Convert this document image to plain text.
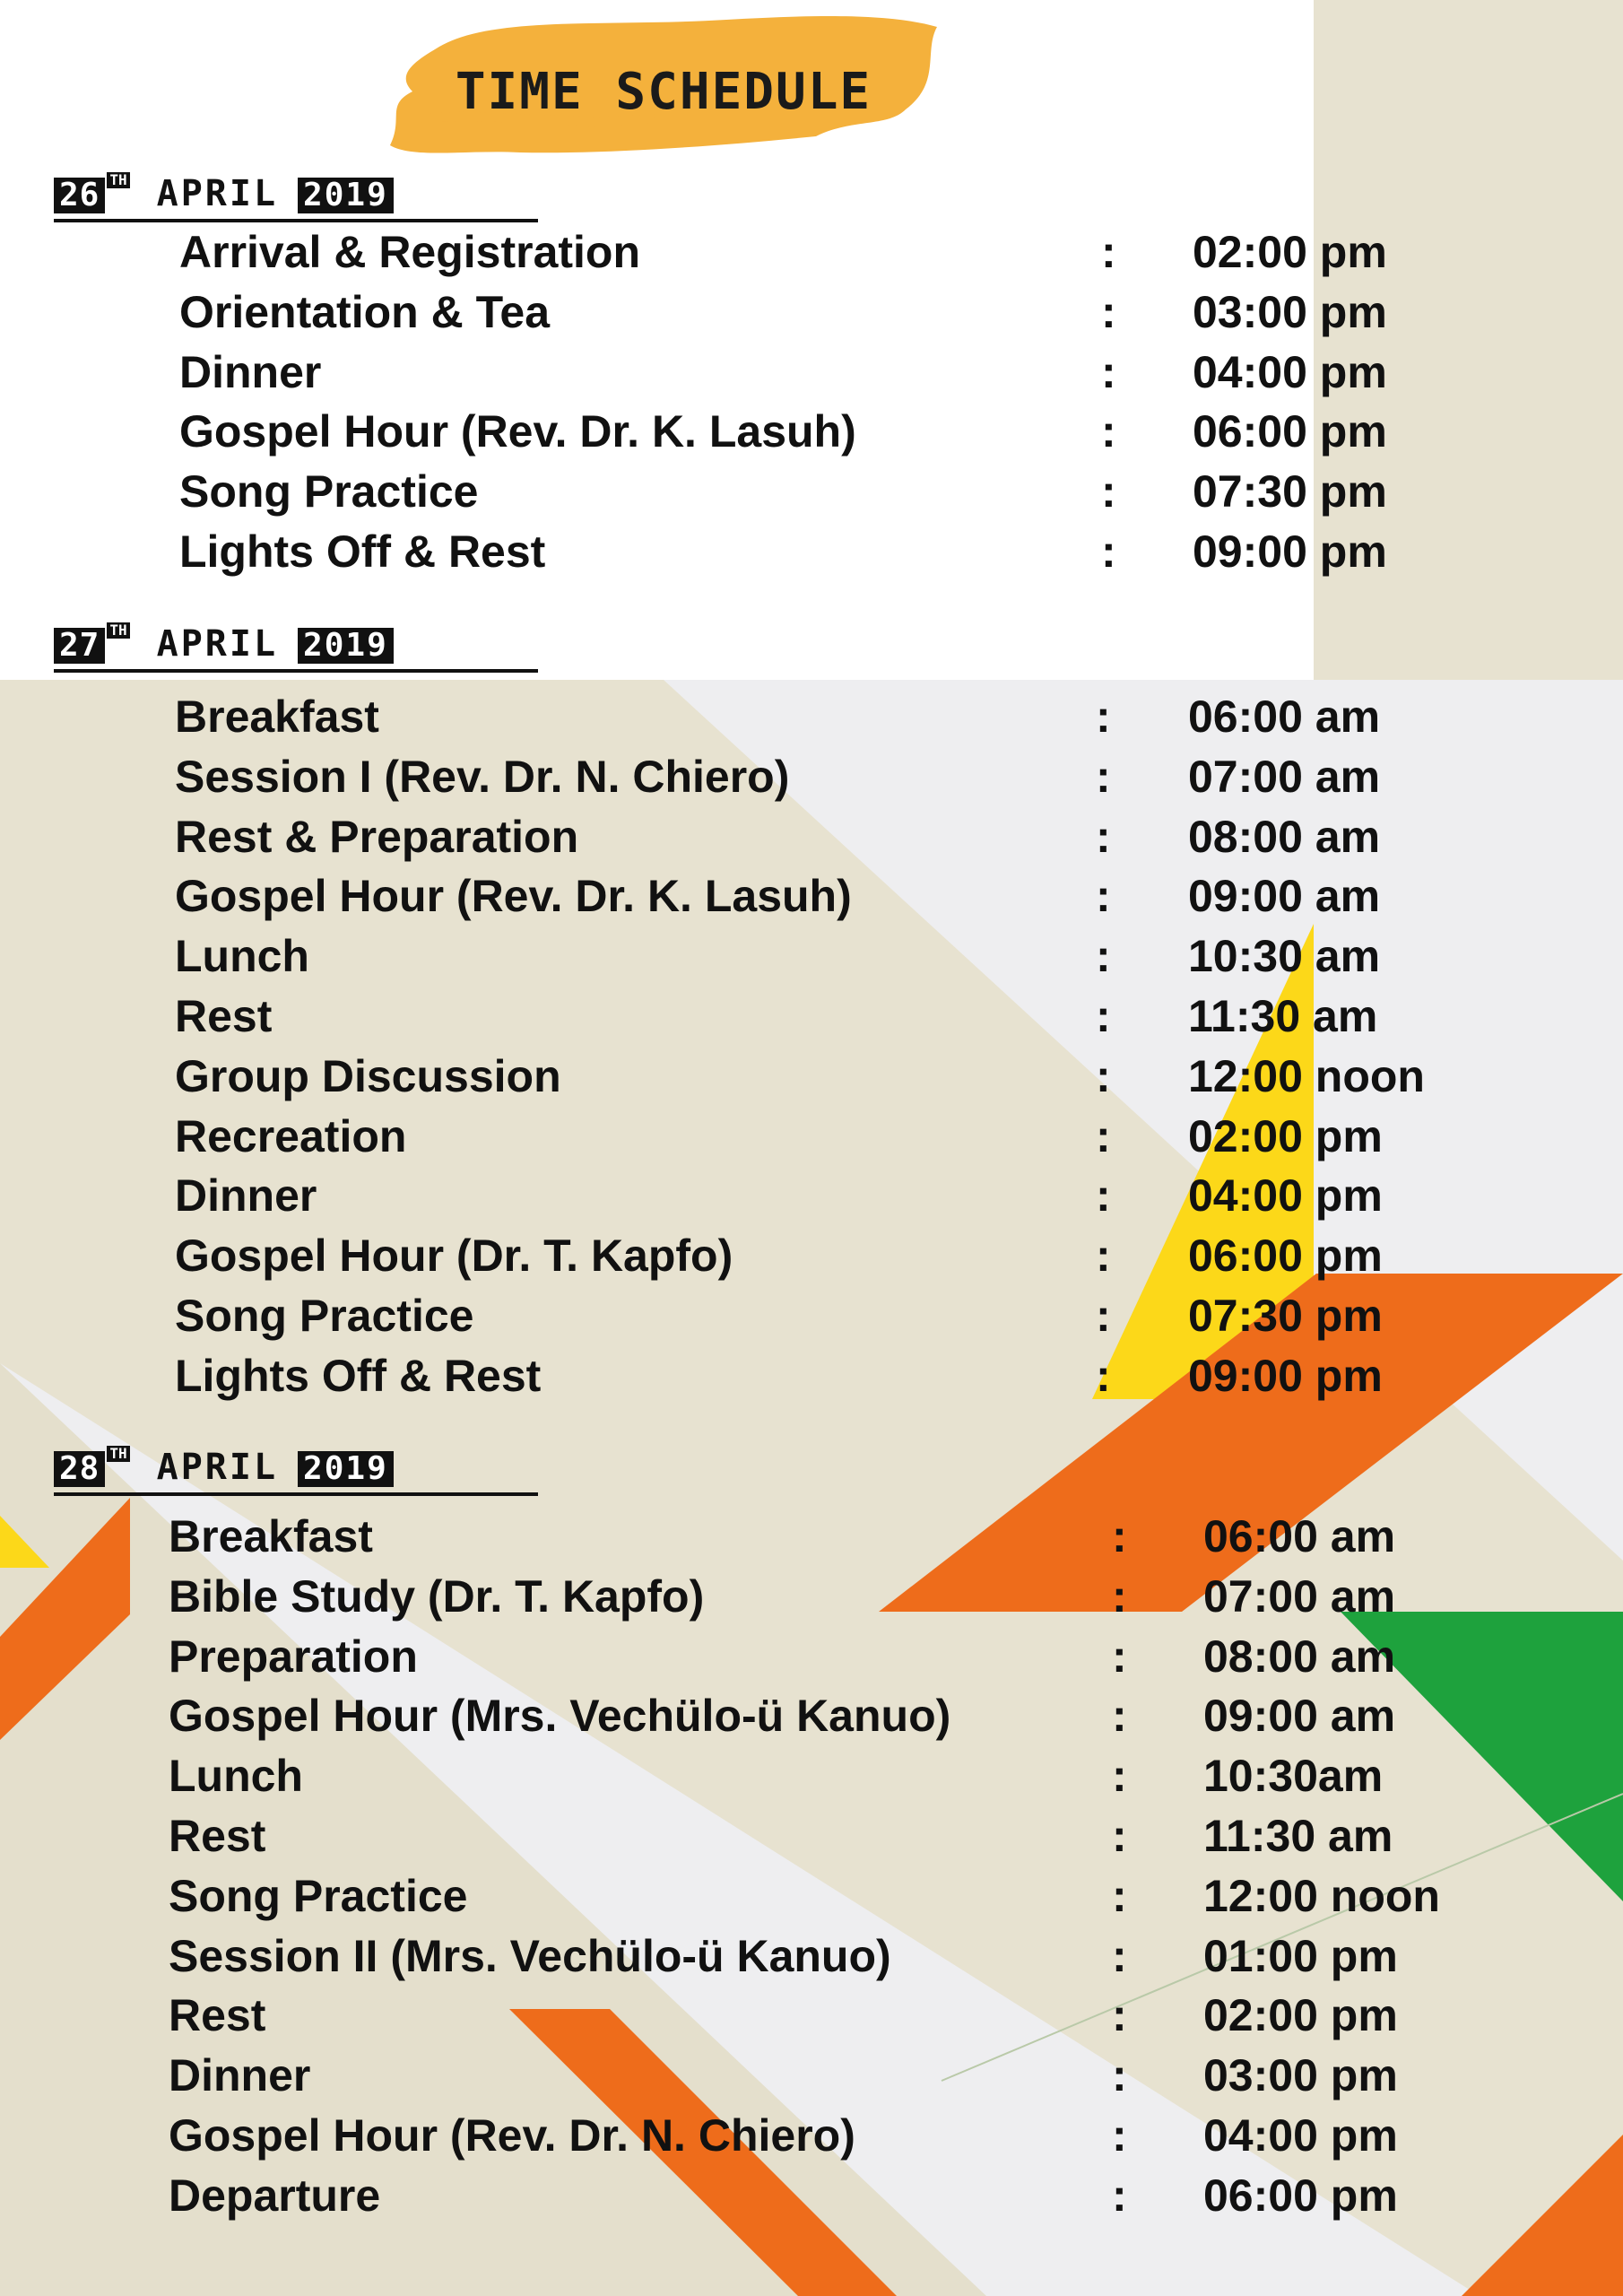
TIME SCHEDULE
26 TH APRIL 2019
Arrival & Registration	: 02:00 pm
Orientation & Tea	: 03:00 pm
Dinner	: 04:00 pm
Gospel Hour (Rev. Dr. K. Lasuh)	: 06:00 pm
Song Practice	: 07:30 pm
Lights Off & Rest	: 09:00 pm
27 TH APRIL 2019
Breakfast	: 06:00 am
Session I (Rev. Dr. N. Chiero)	: 07:00 am
Rest & Preparation	: 08:00 am
Gospel Hour (Rev. Dr. K. Lasuh)	: 09:00 am
Lunch	: 10:30 am
Rest	: 11:30 am
Group Discussion	: 12:00 noon
Recreation	: 02:00 pm
Dinner	: 04:00 pm
Gospel Hour (Dr. T. Kapfo)	: 06:00 pm
Song Practice	: 07:30 pm
Lights Off & Rest	: 09:00 pm
28 TH APRIL 2019
Breakfast	: 06:00 am
Bible Study (Dr. T. Kapfo)	: 07:00 am
Preparation	: 08:00 am
Gospel Hour (Mrs. Vechülo-ü Kanuo)	: 09:00 am
Lunch	: 10:30am
Rest	: 11:30 am
Song Practice	: 12:00 noon
Session II (Mrs. Vechülo-ü Kanuo)	: 01:00 pm
Rest	: 02:00 pm
Dinner	: 03:00 pm
Gospel Hour (Rev. Dr. N. Chiero)	: 04:00 pm
Departure	: 06:00 pm
